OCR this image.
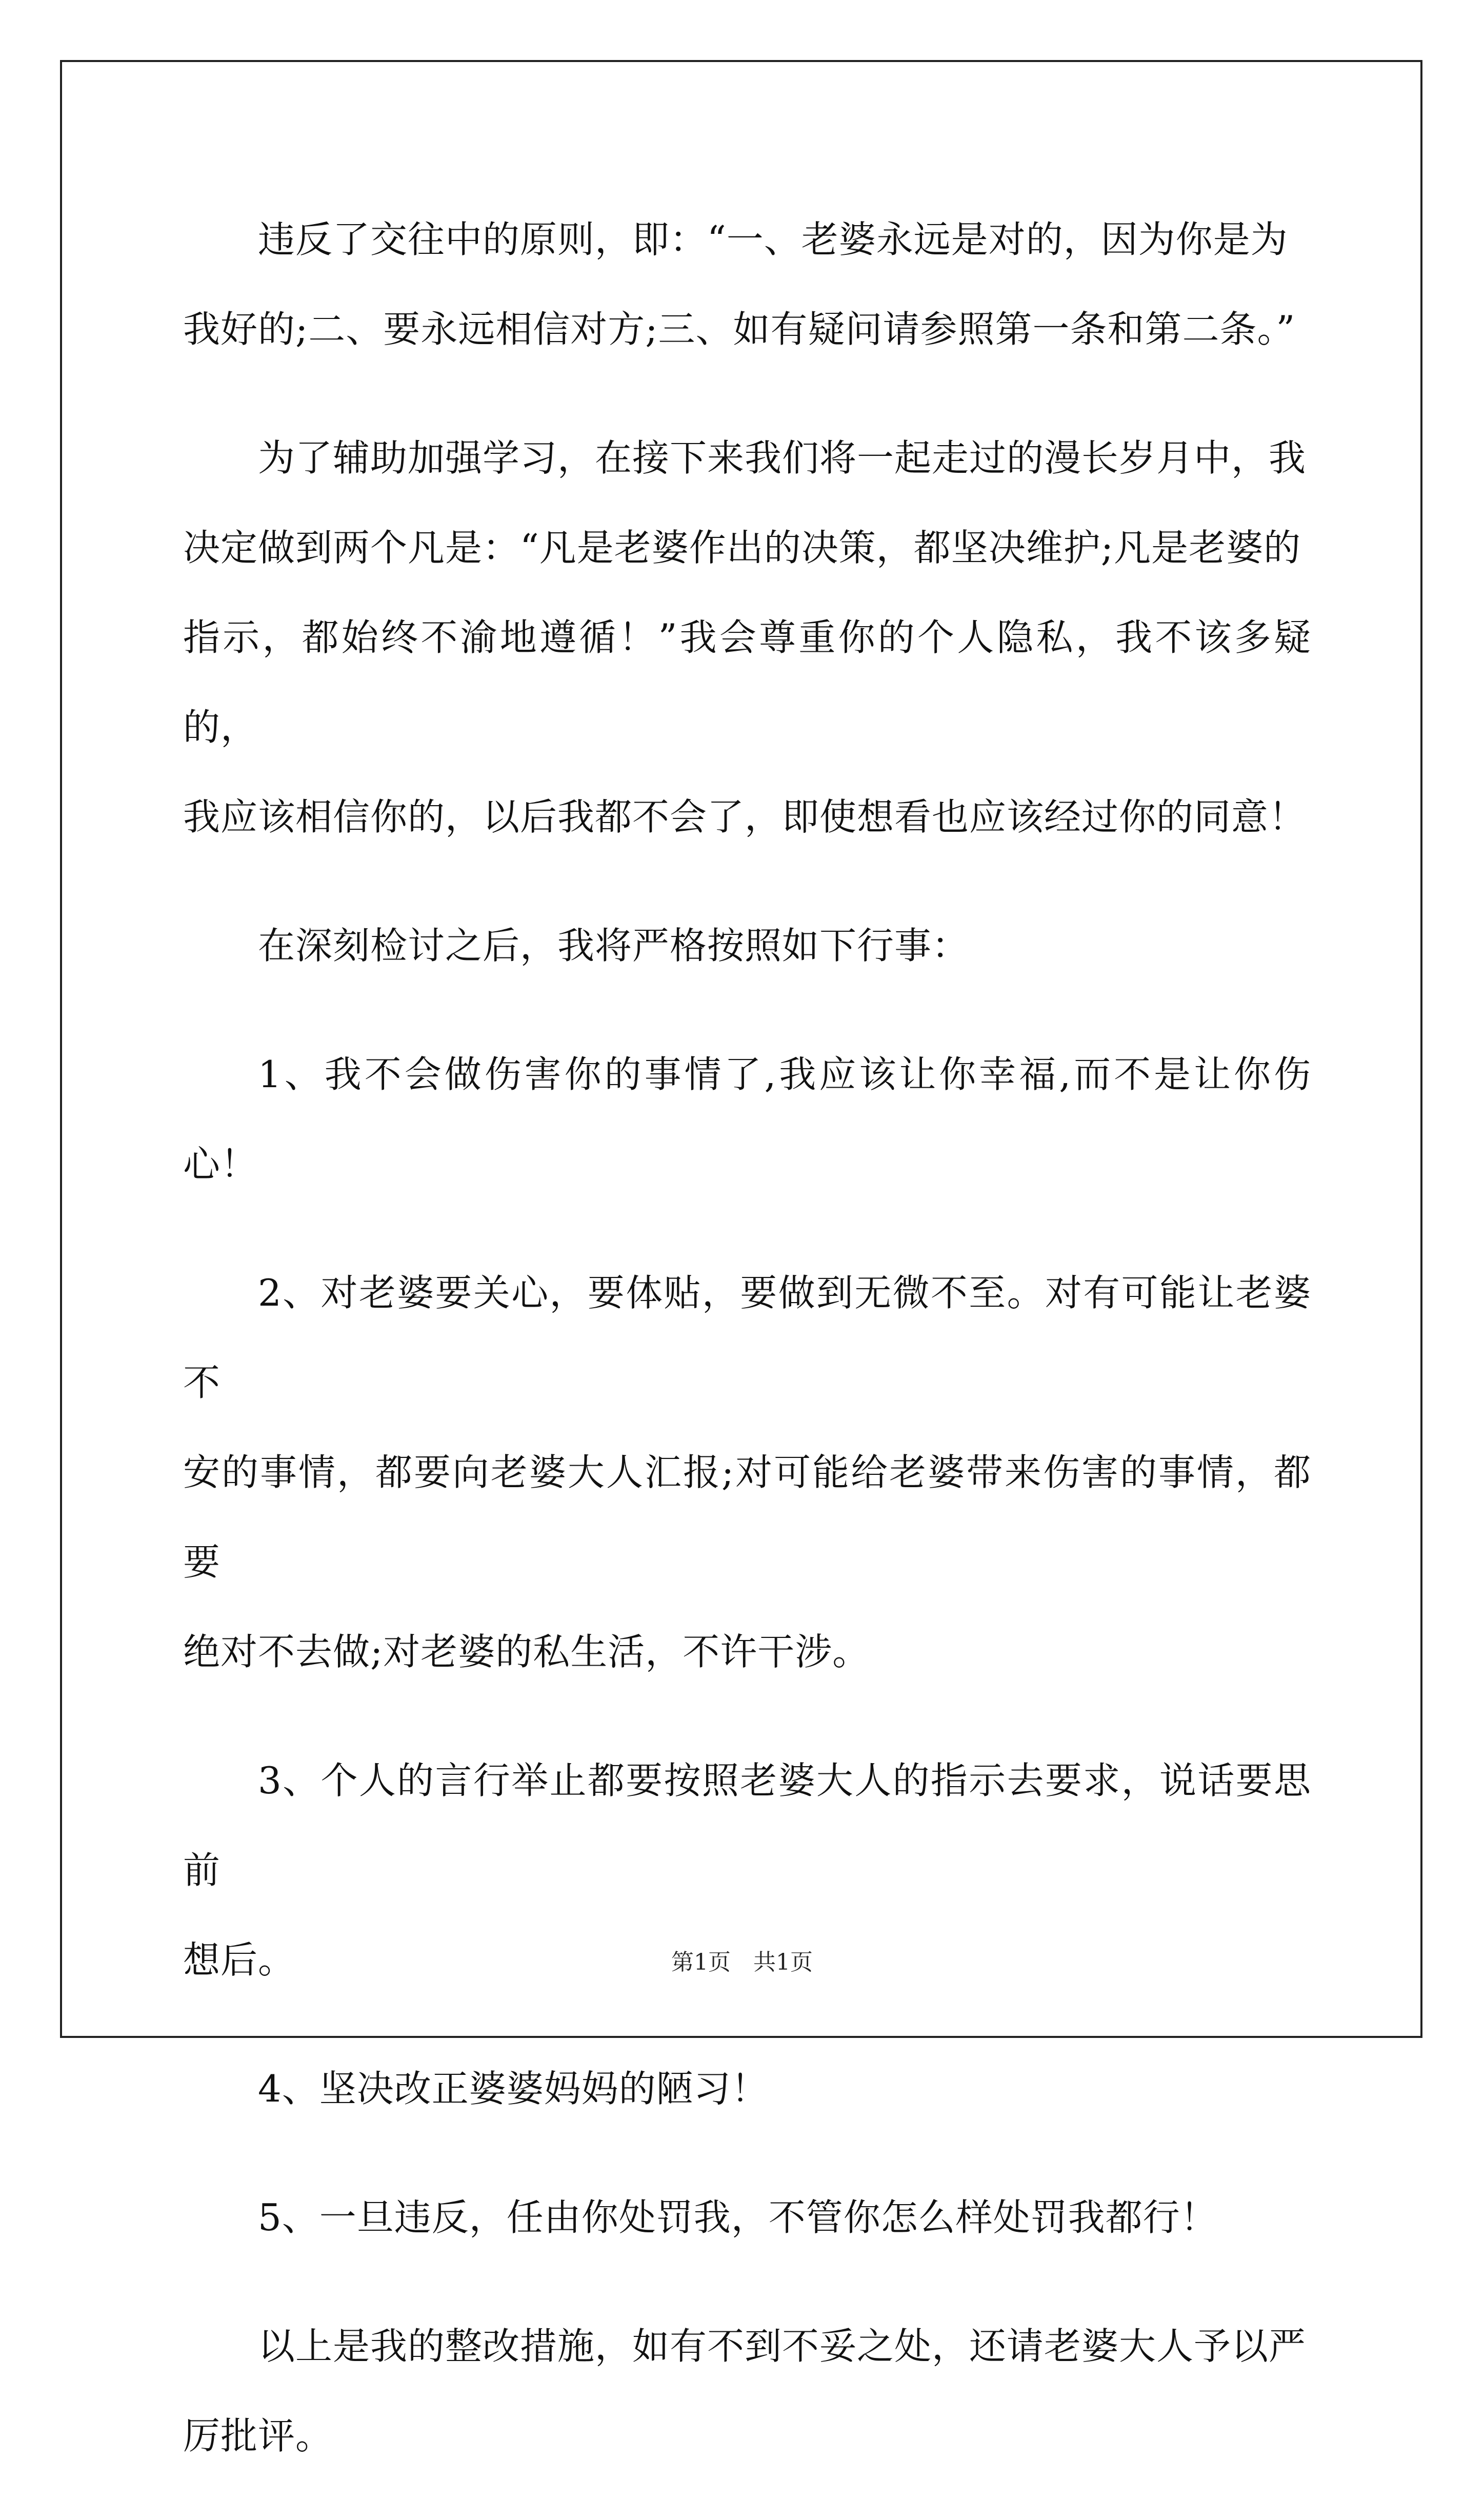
违反了交往中的原则，即：“一、老婆永远是对的，因为你是为
我好的;二、要永远相信对方;三、如有疑问请参照第一条和第二条。”

为了辅助加强学习，在接下来我们将一起走过的漫长岁月中，我
决定做到两个凡是：“凡是老婆作出的决策，都坚决维护;凡是老婆的
指示，都始终不渝地遵循！”我会尊重你的个人隐私，我不该多疑的，
我应该相信你的，以后我都不会了，即使想看也应该经过你的同意！

在深刻检讨之后，我将严格按照如下行事：

1、我不会做伤害你的事情了,我应该让你幸福,而不是让你伤心！

2、对老婆要关心，要体贴，要做到无微不至。对有可能让老婆不
安的事情，都要向老婆大人汇报;对可能给老婆带来伤害的事情，都要
绝对不去做;对老婆的私生活，不许干涉。

3、个人的言行举止都要按照老婆大人的指示去要求，说话要思前
想后。

4、坚决改正婆婆妈妈的陋习！

5、一旦违反，任由你处罚我，不管你怎么样处罚我都行！

以上是我的整改措施，如有不到不妥之处，还请老婆大人予以严
厉批评。

第1页　共1页
